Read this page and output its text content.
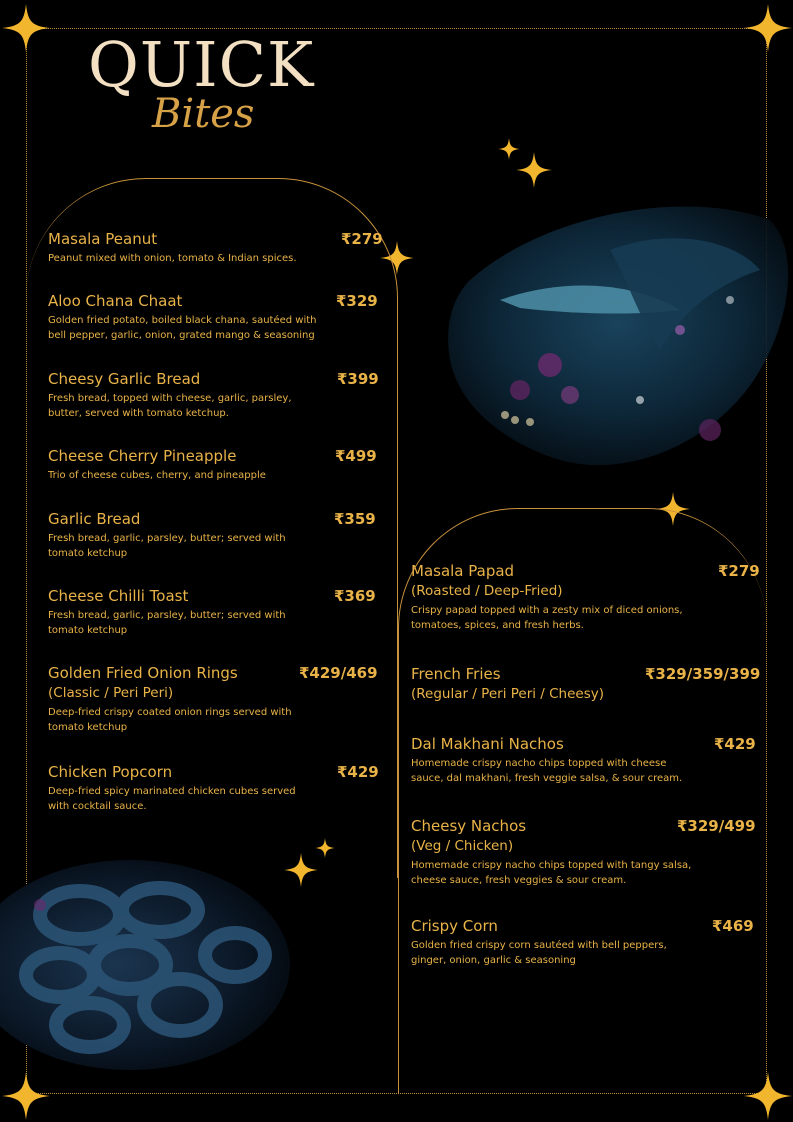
QUICK
Bites
Masala Peanut
Peanut mixed with onion, tomato & Indian spices.
₹279
Aloo Chana Chaat
Golden fried potato, boiled black chana, sautéed with bell pepper, garlic, onion, grated mango & seasoning
₹329
Cheesy Garlic Bread
Fresh bread, topped with cheese, garlic, parsley, butter, served with tomato ketchup.
₹399
Cheese Cherry Pineapple
Trio of cheese cubes, cherry, and pineapple
₹499
Garlic Bread
Fresh bread, garlic, parsley, butter; served with tomato ketchup
₹359
Cheese Chilli Toast
Fresh bread, garlic, parsley, butter; served with tomato ketchup
₹369
Golden Fried Onion Rings
(Classic / Peri Peri)
Deep-fried crispy coated onion rings served with tomato ketchup
₹429/469
Chicken Popcorn
Deep-fried spicy marinated chicken cubes served with cocktail sauce.
₹429
Masala Papad
(Roasted / Deep-Fried)
Crispy papad topped with a zesty mix of diced onions, tomatoes, spices, and fresh herbs.
₹279
French Fries
(Regular / Peri Peri / Cheesy)
₹329/359/399
Dal Makhani Nachos
Homemade crispy nacho chips topped with cheese sauce, dal makhani, fresh veggie salsa, & sour cream.
₹429
Cheesy Nachos
(Veg / Chicken)
Homemade crispy nacho chips topped with tangy salsa, cheese sauce, fresh veggies & sour cream.
₹329/499
Crispy Corn
Golden fried crispy corn sautéed with bell peppers, ginger, onion, garlic & seasoning
₹469
